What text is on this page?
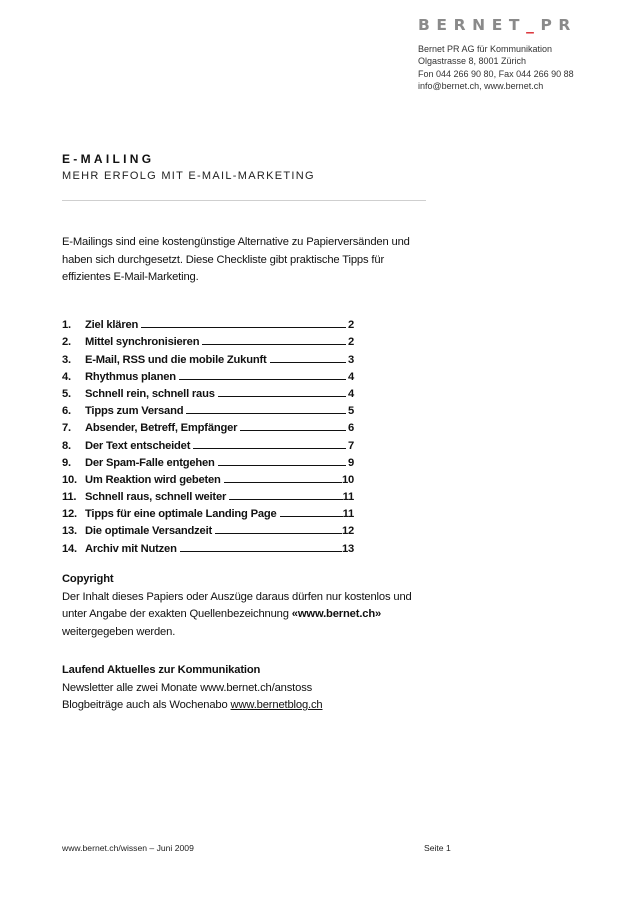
BERNET_PR
Bernet PR AG für Kommunikation
Olgastrasse 8, 8001 Zürich
Fon 044 266 90 80, Fax 044 266 90 88
info@bernet.ch, www.bernet.ch
E-MAILING
MEHR ERFOLG MIT E-MAIL-MARKETING
E-Mailings sind eine kostengünstige Alternative zu Papierversänden und
haben sich durchgesetzt. Diese Checkliste gibt praktische Tipps für
effizientes E-Mail-Marketing.
1.	Ziel klären	2
2.	Mittel synchronisieren	2
3.	E-Mail, RSS und die mobile Zukunft	3
4.	Rhythmus planen	4
5.	Schnell rein, schnell raus	4
6.	Tipps zum Versand	5
7.	Absender, Betreff, Empfänger	6
8.	Der Text entscheidet	7
9.	Der Spam-Falle entgehen	9
10. Um Reaktion wird gebeten	10
11. Schnell raus, schnell weiter	11
12. Tipps für eine optimale Landing Page	11
13. Die optimale Versandzeit	12
14. Archiv mit Nutzen	13
Copyright
Der Inhalt dieses Papiers oder Auszüge daraus dürfen nur kostenlos und
unter Angabe der exakten Quellenbezeichnung «www.bernet.ch»
weitergegeben werden.
Laufend Aktuelles zur Kommunikation
Newsletter alle zwei Monate www.bernet.ch/anstoss
Blogbeiträge auch als Wochenabo www.bernetblog.ch
www.bernet.ch/wissen – Juni 2009	Seite 1
